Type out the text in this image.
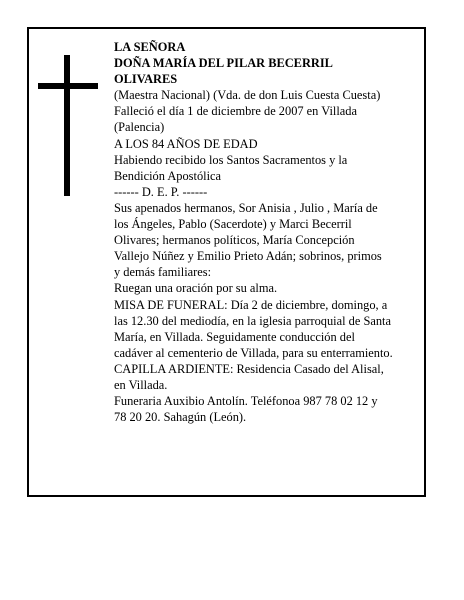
LA SEÑORA
DOÑA MARÍA DEL PILAR BECERRIL
OLIVARES
(Maestra Nacional) (Vda. de don Luis Cuesta Cuesta)
Falleció el día 1 de diciembre de 2007 en Villada
(Palencia)
A LOS 84 AÑOS DE EDAD
Habiendo recibido los Santos Sacramentos y la
Bendición Apostólica
------ D. E. P. ------
Sus apenados hermanos, Sor Anisia , Julio , María de
los Ángeles, Pablo (Sacerdote) y Marci Becerril
Olivares; hermanos políticos, María Concepción
Vallejo Núñez y Emilio Prieto Adán; sobrinos, primos
y demás familiares:
Ruegan una oración por su alma.
MISA DE FUNERAL: Día 2 de diciembre, domingo, a
las 12.30 del mediodía, en la iglesia parroquial de Santa
María, en Villada. Seguidamente conducción del
cadáver al cementerio de Villada, para su enterramiento.
CAPILLA ARDIENTE: Residencia Casado del Alisal,
en Villada.
Funeraria Auxibio Antolín. Teléfonoa 987 78 02 12 y
78 20 20. Sahagún (León).
